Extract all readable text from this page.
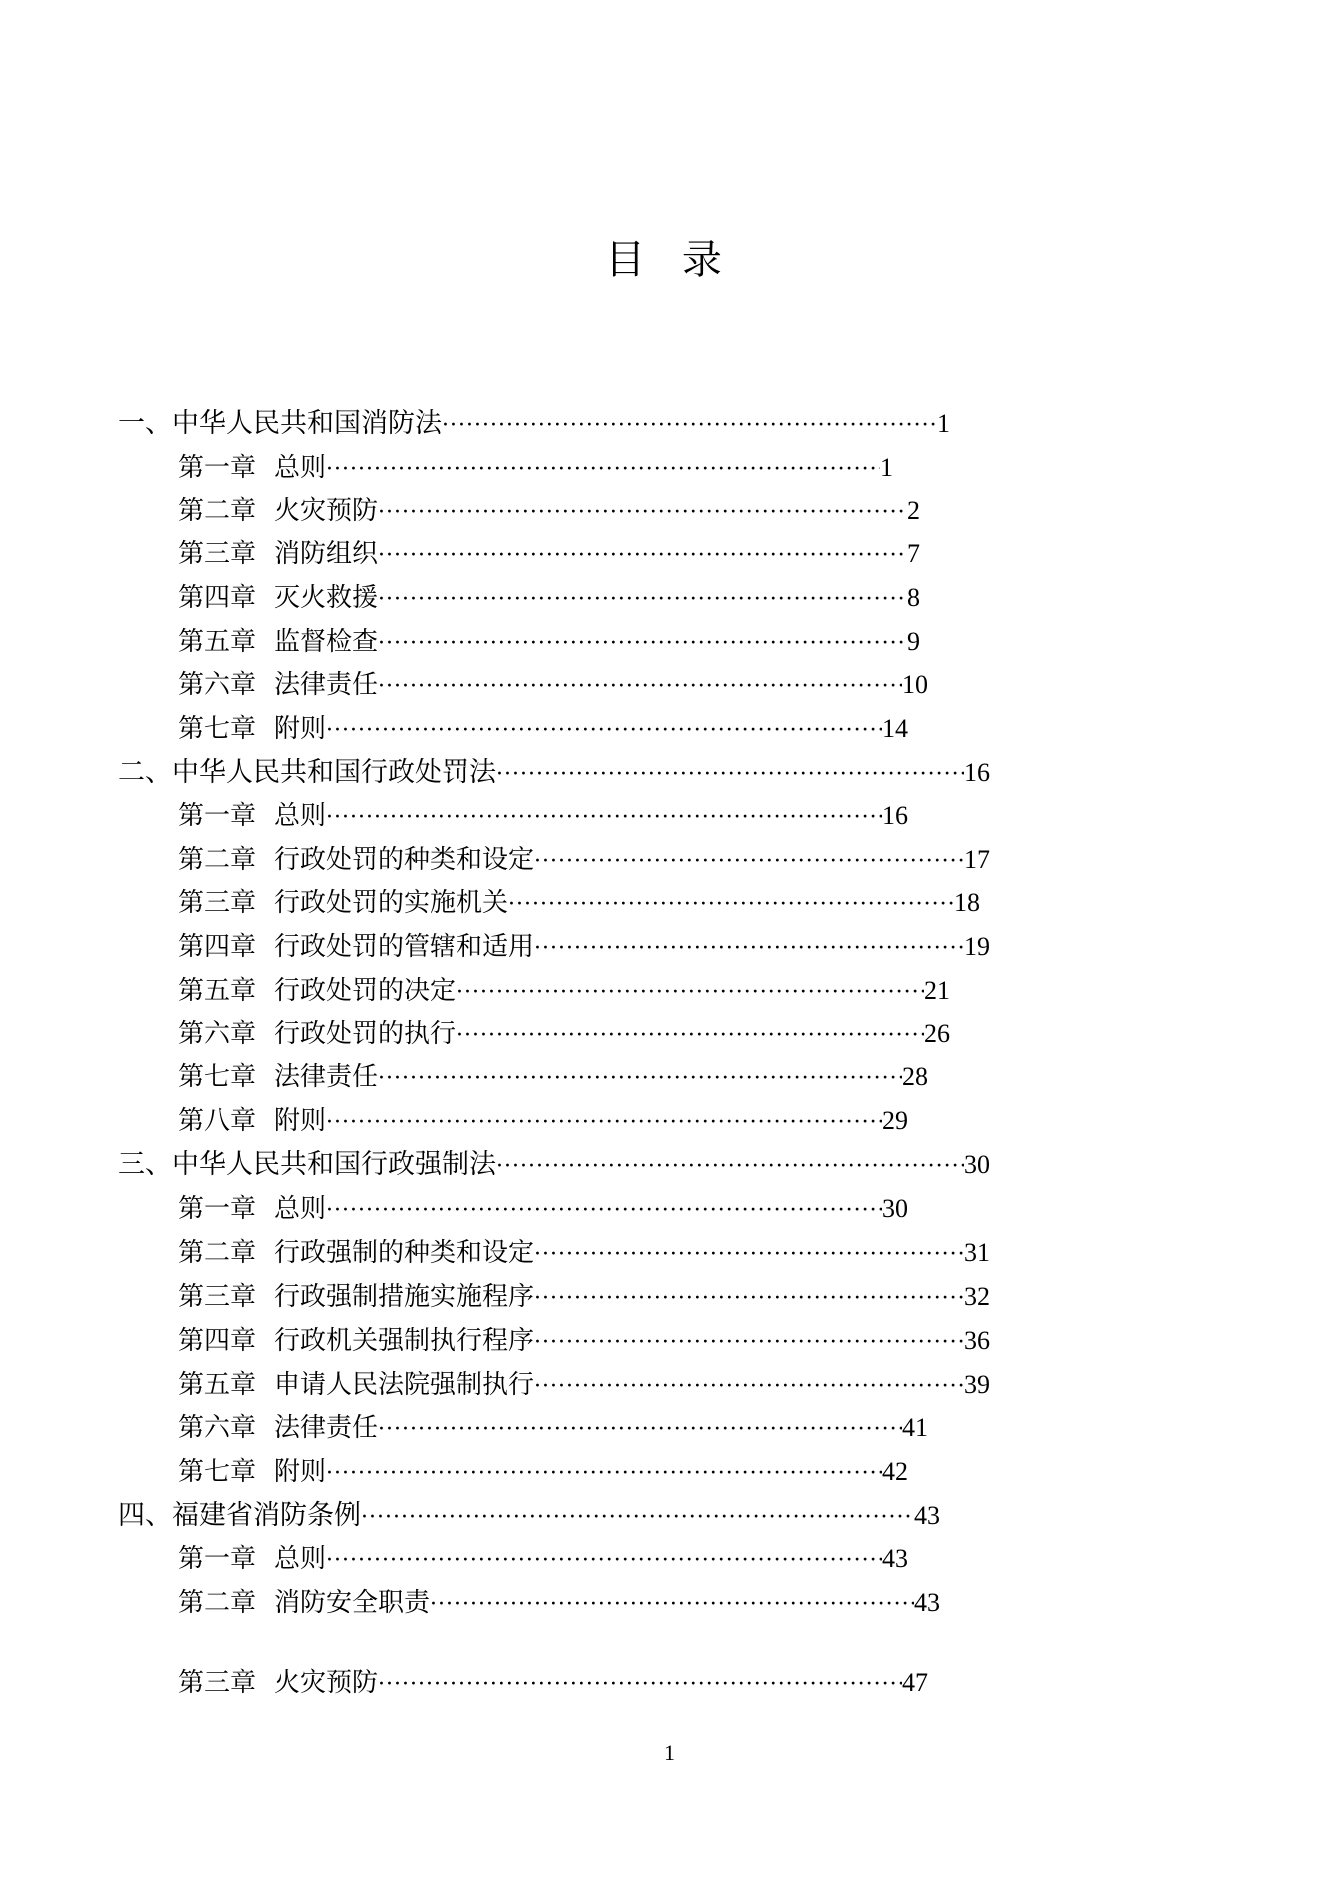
目 录
一、中华人民共和国消防法 ·····	1
第一章 总则 ·····	1
第二章 火灾预防 ·····	2
第三章 消防组织 ·····	7
第四章 灭火救援 ·····	8
第五章 监督检查 ·····	9
第六章 法律责任 ·····	10
第七章 附则 ·····	14
二、中华人民共和国行政处罚法 ·····	16
第一章 总则 ·····	16
第二章 行政处罚的种类和设定 ·····	17
第三章 行政处罚的实施机关 ·····	18
第四章 行政处罚的管辖和适用 ·····	19
第五章 行政处罚的决定 ·····	21
第六章 行政处罚的执行 ·····	26
第七章 法律责任 ·····	28
第八章 附则 ·····	29
三、中华人民共和国行政强制法 ·····	30
第一章 总则 ·····	30
第二章 行政强制的种类和设定 ·····	31
第三章 行政强制措施实施程序 ·····	32
第四章 行政机关强制执行程序 ·····	36
第五章 申请人民法院强制执行 ·····	39
第六章 法律责任 ·····	41
第七章 附则 ·····	42
四、福建省消防条例 ·····	43
第一章 总则 ·····	43
第二章 消防安全职责 ·····	43
第三章 火灾预防 ·····	47
1
